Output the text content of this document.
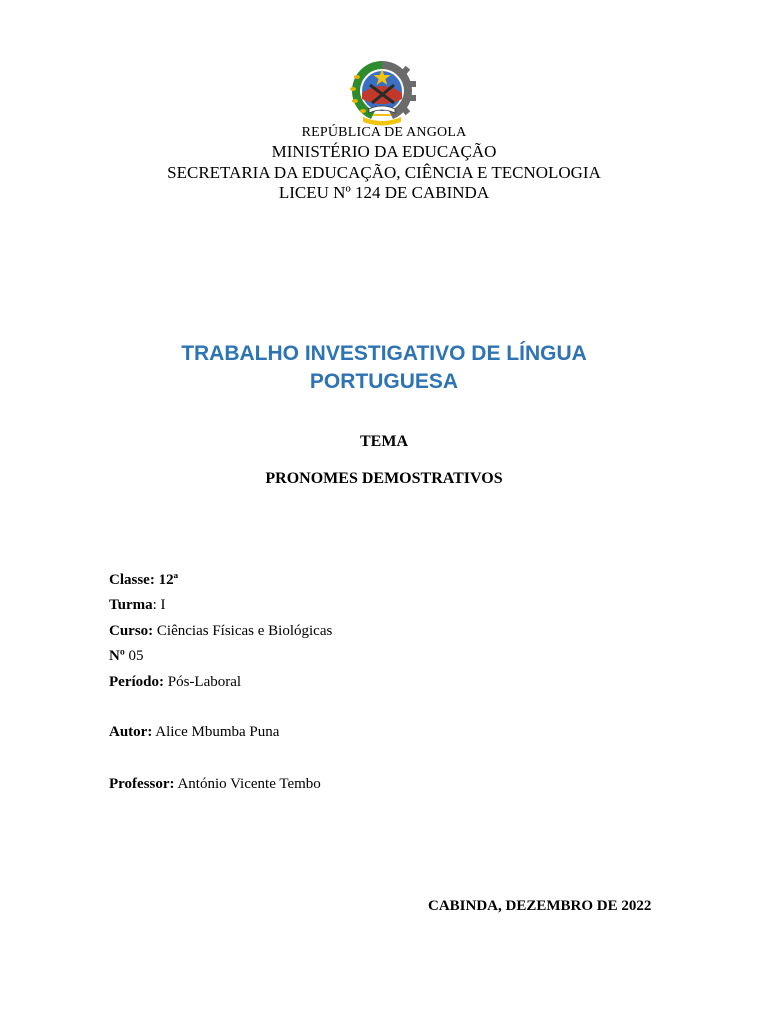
REPÚBLICA DE ANGOLA
MINISTÉRIO DA EDUCAÇÃO
SECRETARIA DA EDUCAÇÃO, CIÊNCIA E TECNOLOGIA
LICEU Nº 124 DE CABINDA
TRABALHO INVESTIGATIVO DE LÍNGUA
PORTUGUESA
TEMA
PRONOMES DEMOSTRATIVOS
Classe: 12ª
Turma: I
Curso: Ciências Físicas e Biológicas
Nº 05
Período: Pós-Laboral
Autor: Alice Mbumba Puna
Professor: António Vicente Tembo
CABINDA, DEZEMBRO DE 2022
